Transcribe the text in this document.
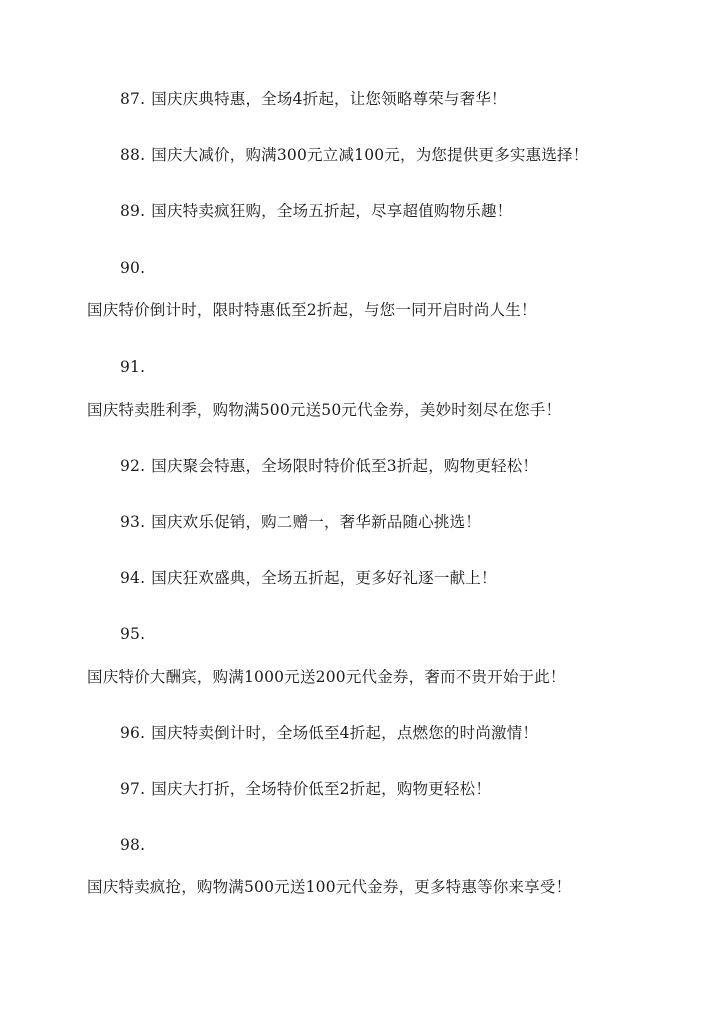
87. 国庆庆典特惠，全场4折起，让您领略尊荣与奢华！
88. 国庆大减价，购满300元立减100元，为您提供更多实惠选择！
89. 国庆特卖疯狂购，全场五折起，尽享超值购物乐趣！
90.
国庆特价倒计时，限时特惠低至2折起，与您一同开启时尚人生！
91.
国庆特卖胜利季，购物满500元送50元代金券，美妙时刻尽在您手！
92. 国庆聚会特惠，全场限时特价低至3折起，购物更轻松！
93. 国庆欢乐促销，购二赠一，奢华新品随心挑选！
94. 国庆狂欢盛典，全场五折起，更多好礼逐一献上！
95.
国庆特价大酬宾，购满1000元送200元代金券，奢而不贵开始于此！
96. 国庆特卖倒计时，全场低至4折起，点燃您的时尚激情！
97. 国庆大打折，全场特价低至2折起，购物更轻松！
98.
国庆特卖疯抢，购物满500元送100元代金券，更多特惠等你来享受！
